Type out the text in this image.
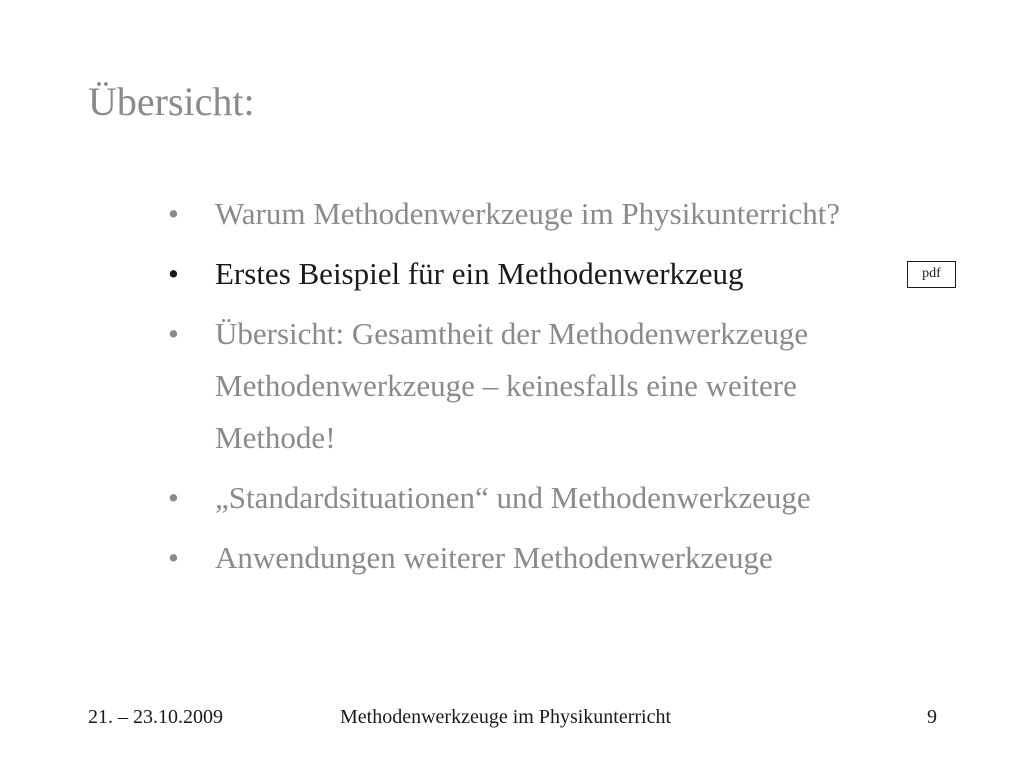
Übersicht:
• Warum Methodenwerkzeuge im Physikunterricht?
• Erstes Beispiel für ein Methodenwerkzeug
• Übersicht: Gesamtheit der Methodenwerkzeuge
Methodenwerkzeuge – keinesfalls eine weitere
Methode!
• „Standardsituationen“ und Methodenwerkzeuge
• Anwendungen weiterer Methodenwerkzeuge
pdf
21. – 23.10.2009	Methodenwerkzeuge im Physikunterricht	9
